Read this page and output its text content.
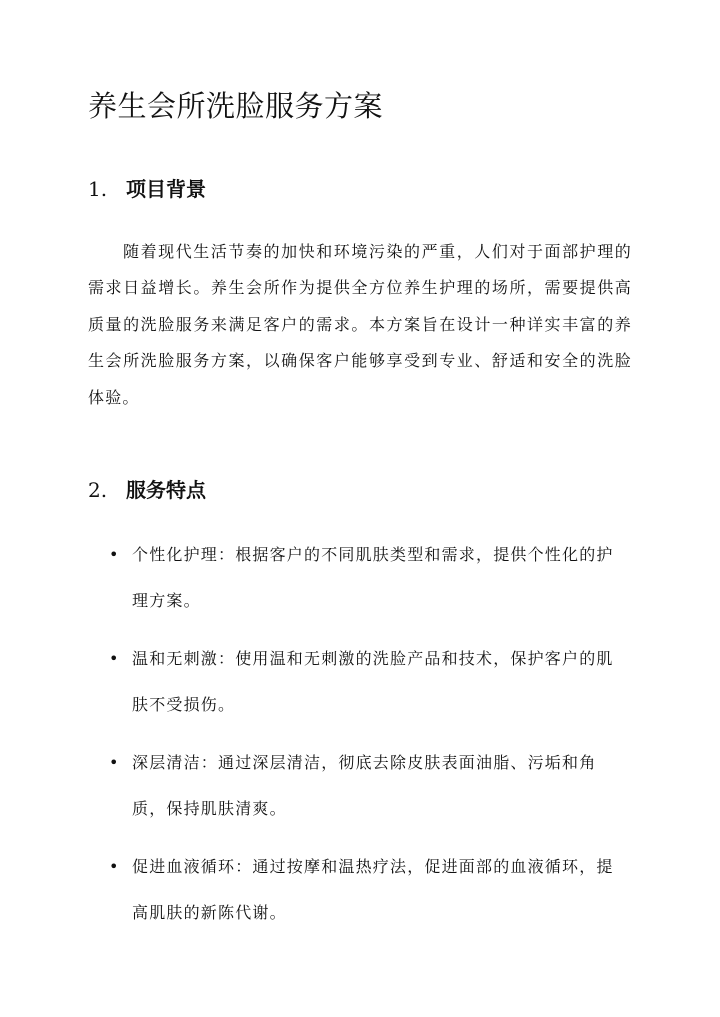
养生会所洗脸服务方案
1. 项目背景

随着现代生活节奏的加快和环境污染的严重，人们对于面部护理的需求日益增长。养生会所作为提供全方位养生护理的场所，需要提供高质量的洗脸服务来满足客户的需求。本方案旨在设计一种详实丰富的养生会所洗脸服务方案，以确保客户能够享受到专业、舒适和安全的洗脸体验。

2. 服务特点
• 个性化护理：根据客户的不同肌肤类型和需求，提供个性化的护理方案。
• 温和无刺激：使用温和无刺激的洗脸产品和技术，保护客户的肌肤不受损伤。
• 深层清洁：通过深层清洁，彻底去除皮肤表面油脂、污垢和角质，保持肌肤清爽。
• 促进血液循环：通过按摩和温热疗法，促进面部的血液循环，提高肌肤的新陈代谢。
